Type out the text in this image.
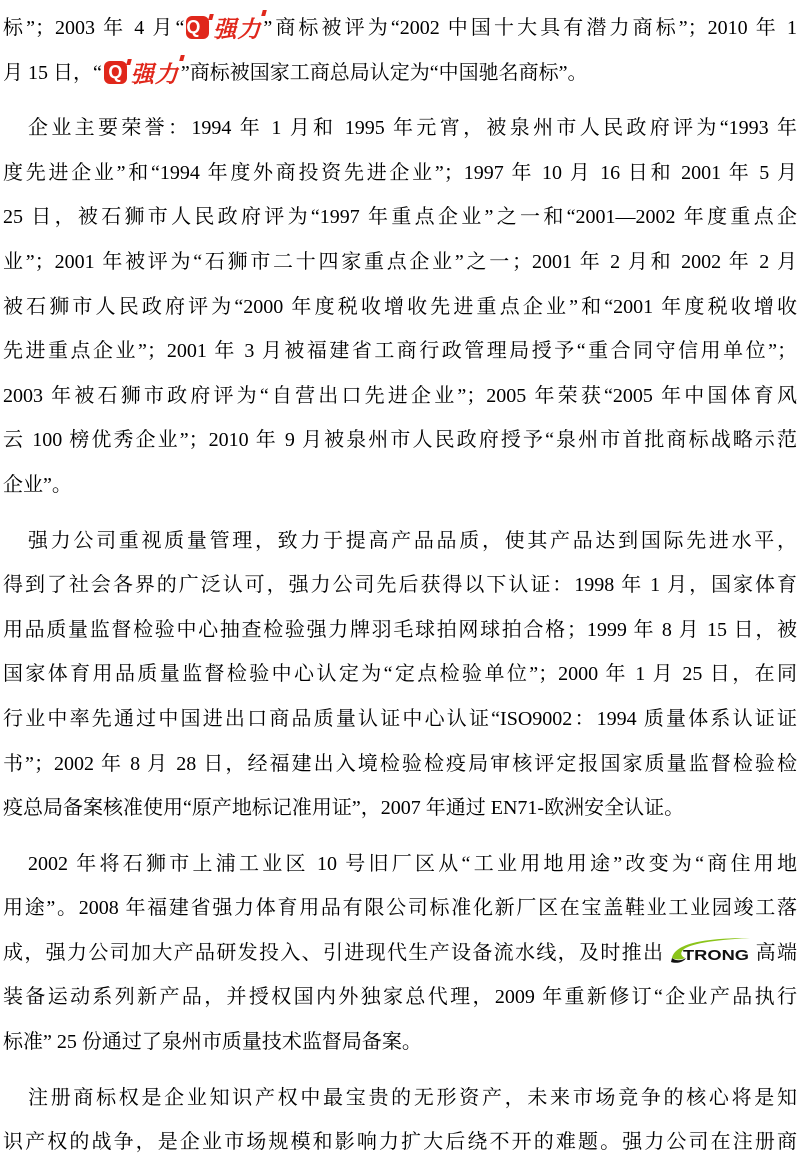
标”；2003 年 4 月“ Q 强力 ”商标被评为“2002 中国十大具有潜力商标”；2010 年 1
月 15 日，“ Q 强力 ”商标被国家工商总局认定为“中国驰名商标”。
企业主要荣誉：1994 年 1 月和 1995 年元宵，被泉州市人民政府评为“1993 年
度先进企业”和“1994 年度外商投资先进企业”；1997 年 10 月 16 日和 2001 年 5 月
25 日，被石狮市人民政府评为“1997 年重点企业”之一和“2001—2002 年度重点企
业”；2001 年被评为“石狮市二十四家重点企业”之一；2001 年 2 月和 2002 年 2 月
被石狮市人民政府评为“2000 年度税收增收先进重点企业”和“2001 年度税收增收
先进重点企业”；2001 年 3 月被福建省工商行政管理局授予“重合同守信用单位”；
2003 年被石狮市政府评为“自营出口先进企业”；2005 年荣获“2005 年中国体育风
云 100 榜优秀企业”；2010 年 9 月被泉州市人民政府授予“泉州市首批商标战略示范
企业”。
强力公司重视质量管理，致力于提高产品品质，使其产品达到国际先进水平，
得到了社会各界的广泛认可，强力公司先后获得以下认证：1998 年 1 月，国家体育
用品质量监督检验中心抽查检验强力牌羽毛球拍网球拍合格；1999 年 8 月 15 日，被
国家体育用品质量监督检验中心认定为“定点检验单位”；2000 年 1 月 25 日，在同
行业中率先通过中国进出口商品质量认证中心认证“ISO9002：1994 质量体系认证证
书”；2002 年 8 月 28 日，经福建出入境检验检疫局审核评定报国家质量监督检验检
疫总局备案核准使用“原产地标记准用证”，2007 年通过 EN71-欧洲安全认证。
2002 年将石狮市上浦工业区 10 号旧厂区从“工业用地用途”改变为“商住用地
用途”。2008 年福建省强力体育用品有限公司标准化新厂区在宝盖鞋业工业园竣工落
成，强力公司加大产品研发投入、引进现代生产设备流水线，及时推出 TRONG 高端
装备运动系列新产品，并授权国内外独家总代理，2009 年重新修订“企业产品执行
标准” 25 份通过了泉州市质量技术监督局备案。
注册商标权是企业知识产权中最宝贵的无形资产，未来市场竞争的核心将是知
识产权的战争，是企业市场规模和影响力扩大后绕不开的难题。强力公司在注册商
